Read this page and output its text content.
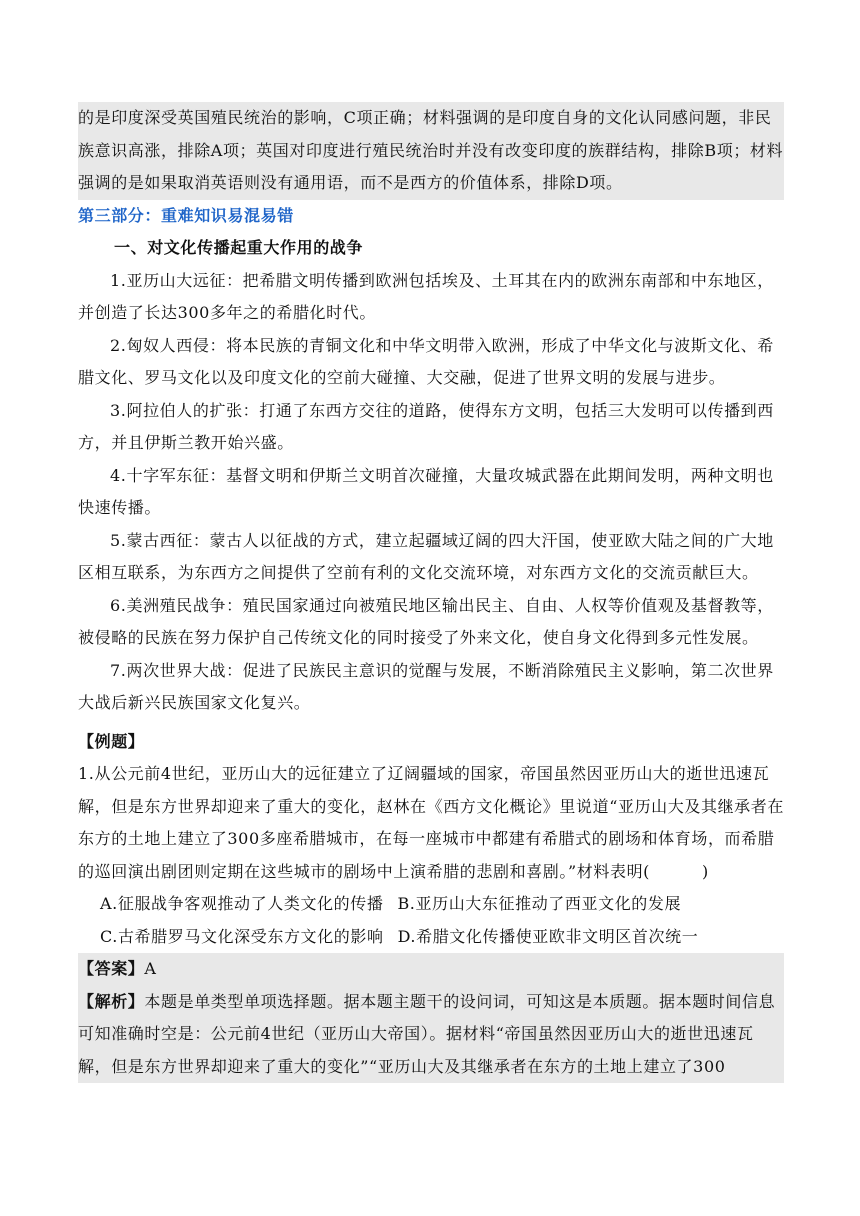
的是印度深受英国殖民统治的影响，C项正确；材料强调的是印度自身的文化认同感问题，非民族意识高涨，排除A项；英国对印度进行殖民统治时并没有改变印度的族群结构，排除B项；材料强调的是如果取消英语则没有通用语，而不是西方的价值体系，排除D项。

第三部分：重难知识易混易错

一、对文化传播起重大作用的战争

1.亚历山大远征：把希腊文明传播到欧洲包括埃及、土耳其在内的欧洲东南部和中东地区，并创造了长达300多年之的希腊化时代。

2.匈奴人西侵：将本民族的青铜文化和中华文明带入欧洲，形成了中华文化与波斯文化、希腊文化、罗马文化以及印度文化的空前大碰撞、大交融，促进了世界文明的发展与进步。

3.阿拉伯人的扩张：打通了东西方交往的道路，使得东方文明，包括三大发明可以传播到西方，并且伊斯兰教开始兴盛。

4.十字军东征：基督文明和伊斯兰文明首次碰撞，大量攻城武器在此期间发明，两种文明也快速传播。

5.蒙古西征：蒙古人以征战的方式，建立起疆域辽阔的四大汗国，使亚欧大陆之间的广大地区相互联系，为东西方之间提供了空前有利的文化交流环境，对东西方文化的交流贡献巨大。

6.美洲殖民战争：殖民国家通过向被殖民地区输出民主、自由、人权等价值观及基督教等，被侵略的民族在努力保护自己传统文化的同时接受了外来文化，使自身文化得到多元性发展。

7.两次世界大战：促进了民族民主意识的觉醒与发展，不断消除殖民主义影响，第二次世界大战后新兴民族国家文化复兴。

【例题】

1.从公元前4世纪，亚历山大的远征建立了辽阔疆域的国家，帝国虽然因亚历山大的逝世迅速瓦解，但是东方世界却迎来了重大的变化，赵林在《西方文化概论》里说道“亚历山大及其继承者在东方的土地上建立了300多座希腊城市，在每一座城市中都建有希腊式的剧场和体育场，而希腊的巡回演出剧团则定期在这些城市的剧场中上演希腊的悲剧和喜剧。”材料表明(	)

A.征服战争客观推动了人类文化的传播 B.亚历山大东征推动了西亚文化的发展

C.古希腊罗马文化深受东方文化的影响 D.希腊文化传播使亚欧非文明区首次统一

【答案】A

【解析】本题是单类型单项选择题。据本题主题干的设问词，可知这是本质题。据本题时间信息可知准确时空是：公元前4世纪（亚历山大帝国）。据材料“帝国虽然因亚历山大的逝世迅速瓦解，但是东方世界却迎来了重大的变化”“亚历山大及其继承者在东方的土地上建立了300
